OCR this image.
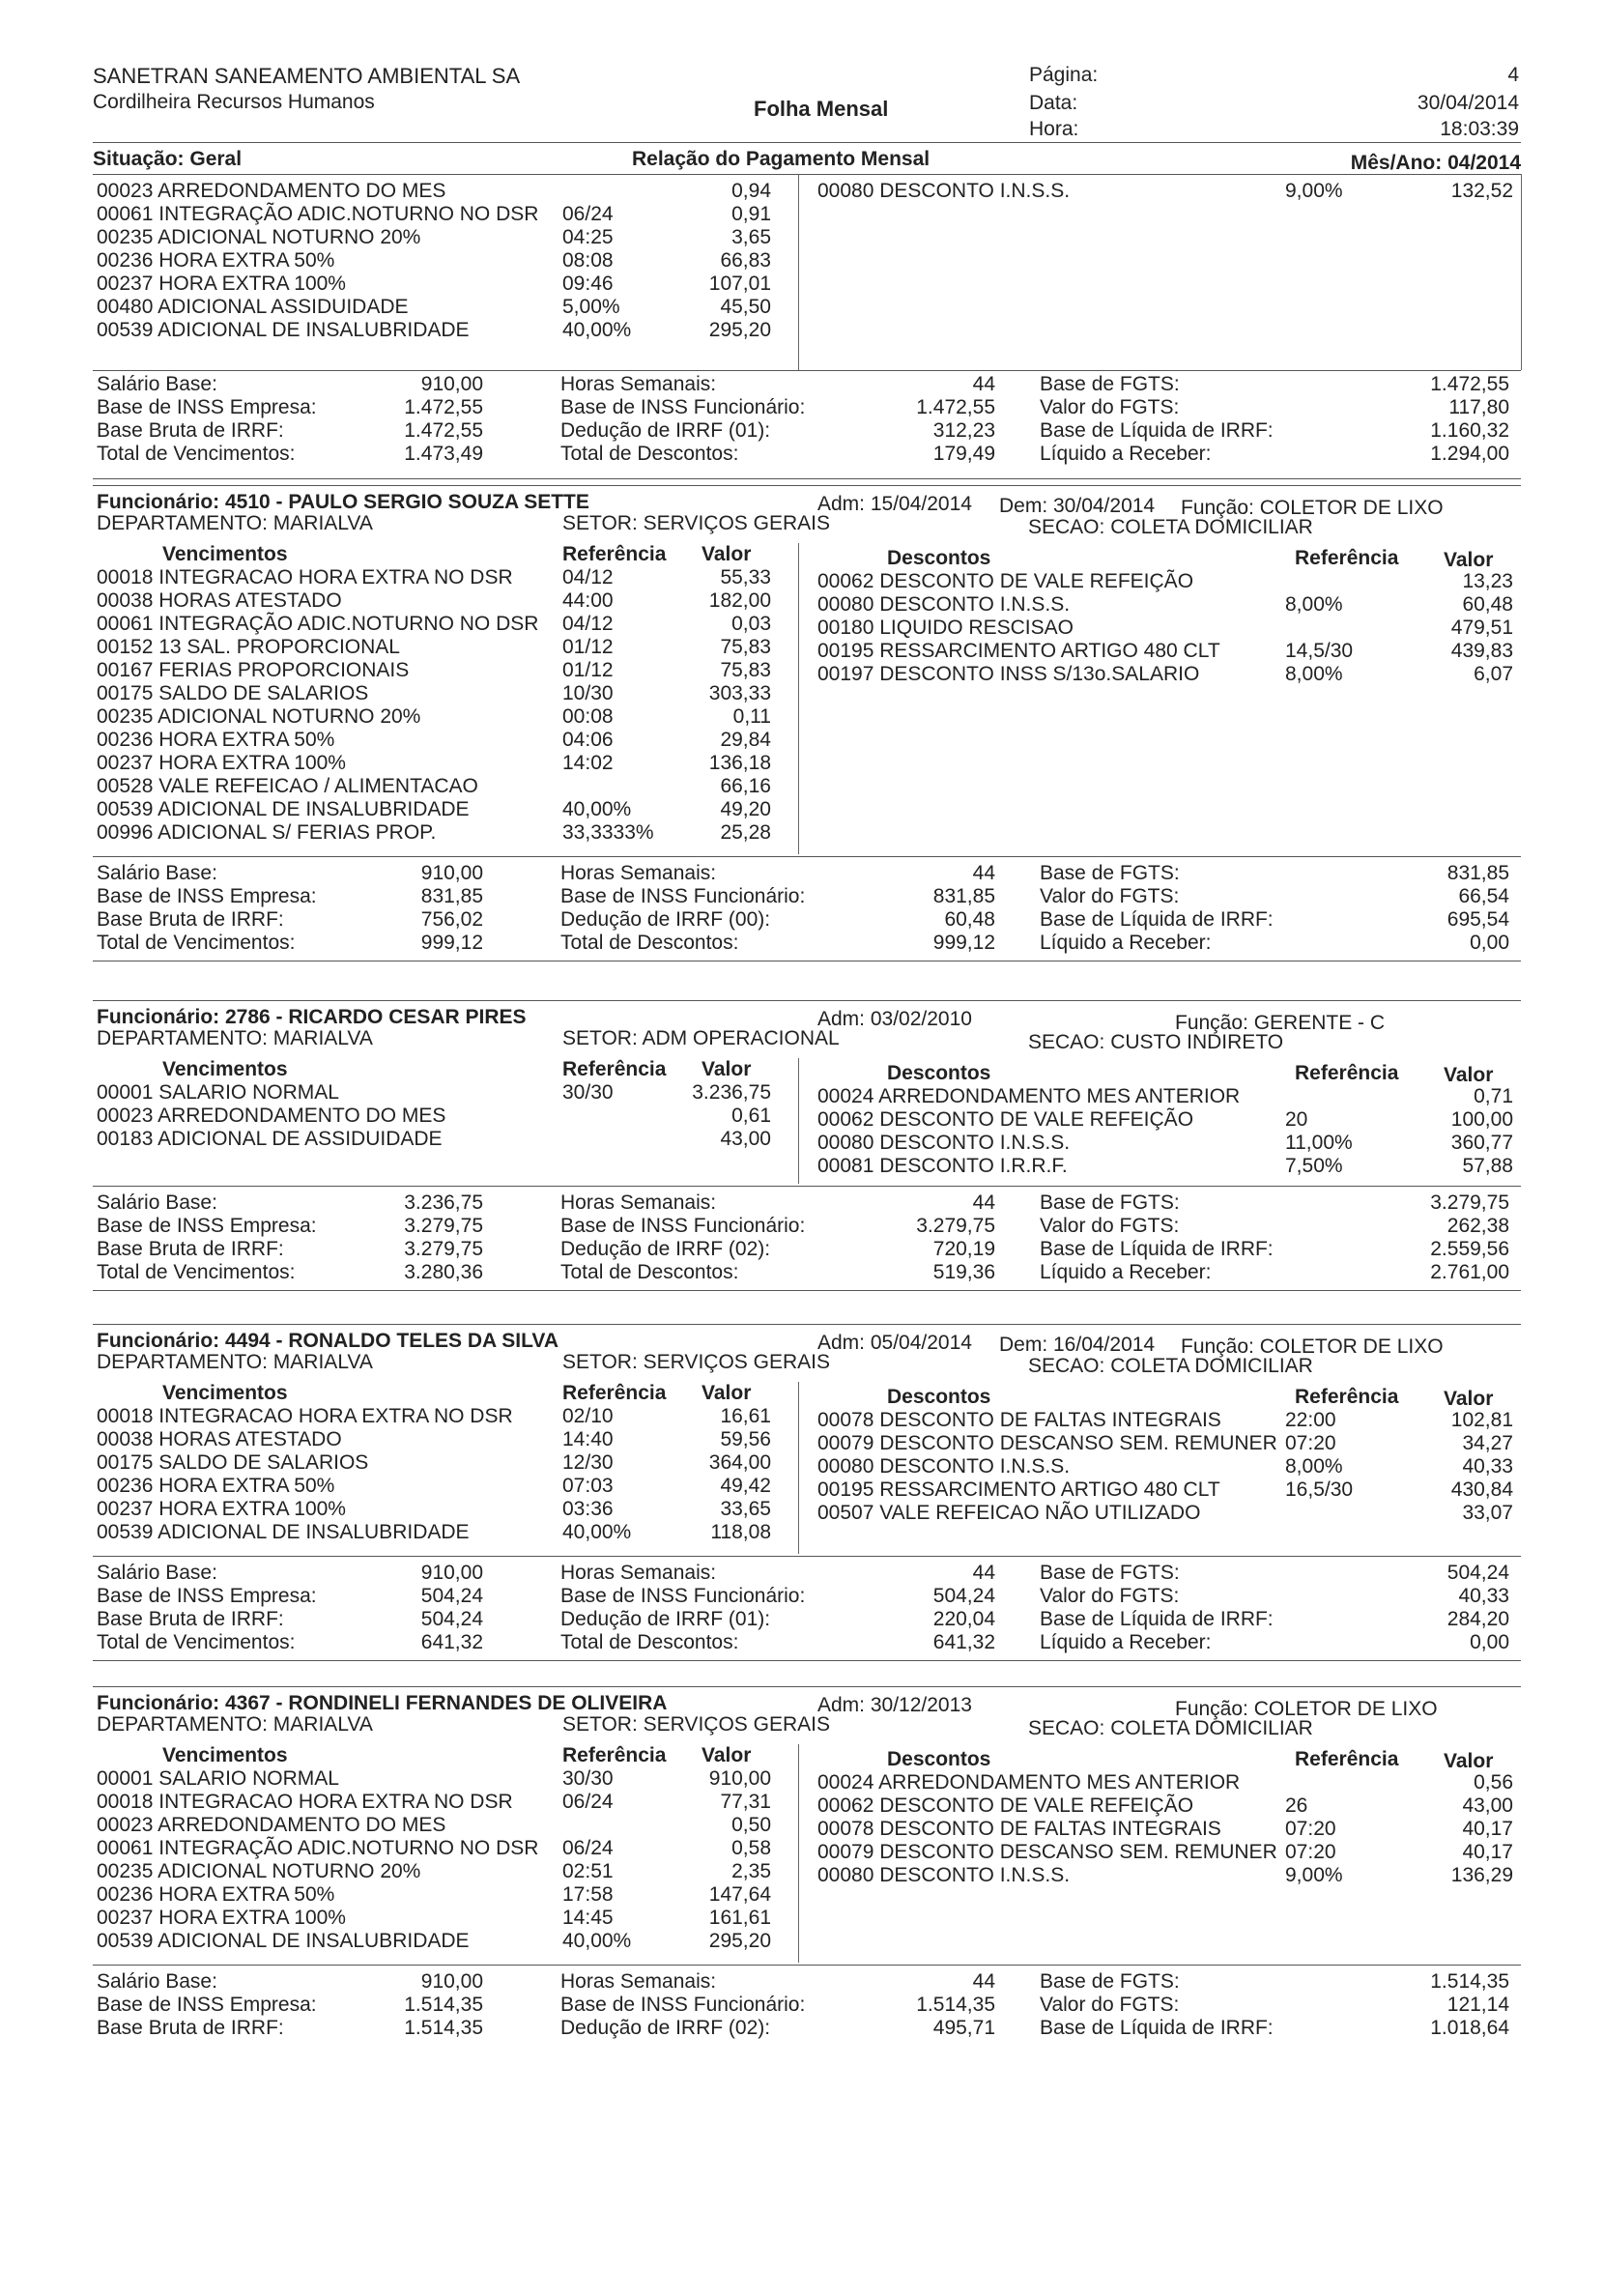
SANETRAN SANEAMENTO AMBIENTAL SA
Cordilheira Recursos Humanos	Folha Mensal
Página:
Data:
Hora:
4
30/04/2014
18:03:39
Situação: Geral	Relação do Pagamento Mensal	Mês/Ano: 04/2014
00023 ARREDONDAMENTO DO MES	0,94
00061 INTEGRAÇÃO ADIC.NOTURNO NO DSR 06/24	0,91
00235 ADICIONAL NOTURNO 20%	04:25	3,65
00236 HORA EXTRA 50%	08:08	66,83
00237 HORA EXTRA 100%	09:46	107,01
00480 ADICIONAL ASSIDUIDADE	5,00%	45,50
00539 ADICIONAL DE INSALUBRIDADE	40,00%	295,20
00080 DESCONTO I.N.S.S.	9,00%	132,52
Salário Base:	910,00	Horas Semanais:	44 Base de FGTS:	1.472,55
Base de INSS Empresa:	1.472,55	Base de INSS Funcionário:	1.472,55 Valor do FGTS:	117,80
Base Bruta de IRRF:	1.472,55	Dedução de IRRF (01):	312,23 Base de Líquida de IRRF:	1.160,32
Total de Vencimentos:	1.473,49	Total de Descontos:	179,49 Líquido a Receber:	1.294,00
Funcionário: 4510 - PAULO SERGIO SOUZA SETTE
DEPARTAMENTO: MARIALVA	SETOR: SERVIÇOS GERAIS
Adm: 15/04/2014 Dem: 30/04/2014 Função: COLETOR DE LIXO
SECAO: COLETA DOMICILIAR
Vencimentos	Referência Valor	Descontos	Referência Valor
00018 INTEGRACAO HORA EXTRA NO DSR 04/12	55,33
00038 HORAS ATESTADO	44:00	182,00
00061 INTEGRAÇÃO ADIC.NOTURNO NO DSR 04/12	0,03
00152 13 SAL. PROPORCIONAL	01/12	75,83
00167 FERIAS PROPORCIONAIS	01/12	75,83
00175 SALDO DE SALARIOS	10/30	303,33
00235 ADICIONAL NOTURNO 20%	00:08	0,11
00236 HORA EXTRA 50%	04:06	29,84
00237 HORA EXTRA 100%	14:02	136,18
00528 VALE REFEICAO / ALIMENTACAO	66,16
00539 ADICIONAL DE INSALUBRIDADE	40,00%	49,20
00996 ADICIONAL S/ FERIAS PROP.	33,3333%	25,28
00062 DESCONTO DE VALE REFEIÇÃO	13,23
00080 DESCONTO I.N.S.S.	8,00%	60,48
00180 LIQUIDO RESCISAO	479,51
00195 RESSARCIMENTO ARTIGO 480 CLT	14,5/30	439,83
00197 DESCONTO INSS S/13o.SALARIO	8,00%	6,07
Salário Base:	910,00	Horas Semanais:	44 Base de FGTS:	831,85
Base de INSS Empresa:	831,85	Base de INSS Funcionário:	831,85 Valor do FGTS:	66,54
Base Bruta de IRRF:	756,02	Dedução de IRRF (00):	60,48 Base de Líquida de IRRF:	695,54
Total de Vencimentos:	999,12	Total de Descontos:	999,12 Líquido a Receber:	0,00
Funcionário: 2786 - RICARDO CESAR PIRES
DEPARTAMENTO: MARIALVA	SETOR: ADM OPERACIONAL
Adm: 03/02/2010	Função: GERENTE - C
SECAO: CUSTO INDIRETO
Vencimentos	Referência Valor	Descontos	Referência Valor
00001 SALARIO NORMAL	30/30	3.236,75
00023 ARREDONDAMENTO DO MES	0,61
00183 ADICIONAL DE ASSIDUIDADE	43,00
00024 ARREDONDAMENTO MES ANTERIOR	0,71
00062 DESCONTO DE VALE REFEIÇÃO	20	100,00
00080 DESCONTO I.N.S.S.	11,00%	360,77
00081 DESCONTO I.R.R.F.	7,50%	57,88
Salário Base:	3.236,75	Horas Semanais:	44 Base de FGTS:	3.279,75
Base de INSS Empresa:	3.279,75	Base de INSS Funcionário:	3.279,75 Valor do FGTS:	262,38
Base Bruta de IRRF:	3.279,75	Dedução de IRRF (02):	720,19 Base de Líquida de IRRF:	2.559,56
Total de Vencimentos:	3.280,36	Total de Descontos:	519,36 Líquido a Receber:	2.761,00
Funcionário: 4494 - RONALDO TELES DA SILVA
DEPARTAMENTO: MARIALVA	SETOR: SERVIÇOS GERAIS
Adm: 05/04/2014 Dem: 16/04/2014 Função: COLETOR DE LIXO
SECAO: COLETA DOMICILIAR
Vencimentos	Referência Valor	Descontos	Referência Valor
00018 INTEGRACAO HORA EXTRA NO DSR 02/10	16,61
00038 HORAS ATESTADO	14:40	59,56
00175 SALDO DE SALARIOS	12/30	364,00
00236 HORA EXTRA 50%	07:03	49,42
00237 HORA EXTRA 100%	03:36	33,65
00539 ADICIONAL DE INSALUBRIDADE	40,00%	118,08
00078 DESCONTO DE FALTAS INTEGRAIS	22:00	102,81
00079 DESCONTO DESCANSO SEM. REMUNER 07:20	34,27
00080 DESCONTO I.N.S.S.	8,00%	40,33
00195 RESSARCIMENTO ARTIGO 480 CLT	16,5/30	430,84
00507 VALE REFEICAO NÃO UTILIZADO	33,07
Salário Base:	910,00	Horas Semanais:	44 Base de FGTS:	504,24
Base de INSS Empresa:	504,24	Base de INSS Funcionário:	504,24 Valor do FGTS:	40,33
Base Bruta de IRRF:	504,24	Dedução de IRRF (01):	220,04 Base de Líquida de IRRF:	284,20
Total de Vencimentos:	641,32	Total de Descontos:	641,32 Líquido a Receber:	0,00
Funcionário: 4367 - RONDINELI FERNANDES DE OLIVEIRA
DEPARTAMENTO: MARIALVA	SETOR: SERVIÇOS GERAIS
Adm: 30/12/2013	Função: COLETOR DE LIXO
SECAO: COLETA DOMICILIAR
Vencimentos	Referência Valor	Descontos	Referência Valor
00001 SALARIO NORMAL	30/30	910,00
00018 INTEGRACAO HORA EXTRA NO DSR 06/24	77,31
00023 ARREDONDAMENTO DO MES	0,50
00061 INTEGRAÇÃO ADIC.NOTURNO NO DSR 06/24	0,58
00235 ADICIONAL NOTURNO 20%	02:51	2,35
00236 HORA EXTRA 50%	17:58	147,64
00237 HORA EXTRA 100%	14:45	161,61
00539 ADICIONAL DE INSALUBRIDADE	40,00%	295,20
00024 ARREDONDAMENTO MES ANTERIOR	0,56
00062 DESCONTO DE VALE REFEIÇÃO	26	43,00
00078 DESCONTO DE FALTAS INTEGRAIS	07:20	40,17
00079 DESCONTO DESCANSO SEM. REMUNER 07:20	40,17
00080 DESCONTO I.N.S.S.	9,00%	136,29
Salário Base:	910,00	Horas Semanais:	44 Base de FGTS:	1.514,35
Base de INSS Empresa:	1.514,35	Base de INSS Funcionário:	1.514,35 Valor do FGTS:	121,14
Base Bruta de IRRF:	1.514,35	Dedução de IRRF (02):	495,71 Base de Líquida de IRRF:	1.018,64
